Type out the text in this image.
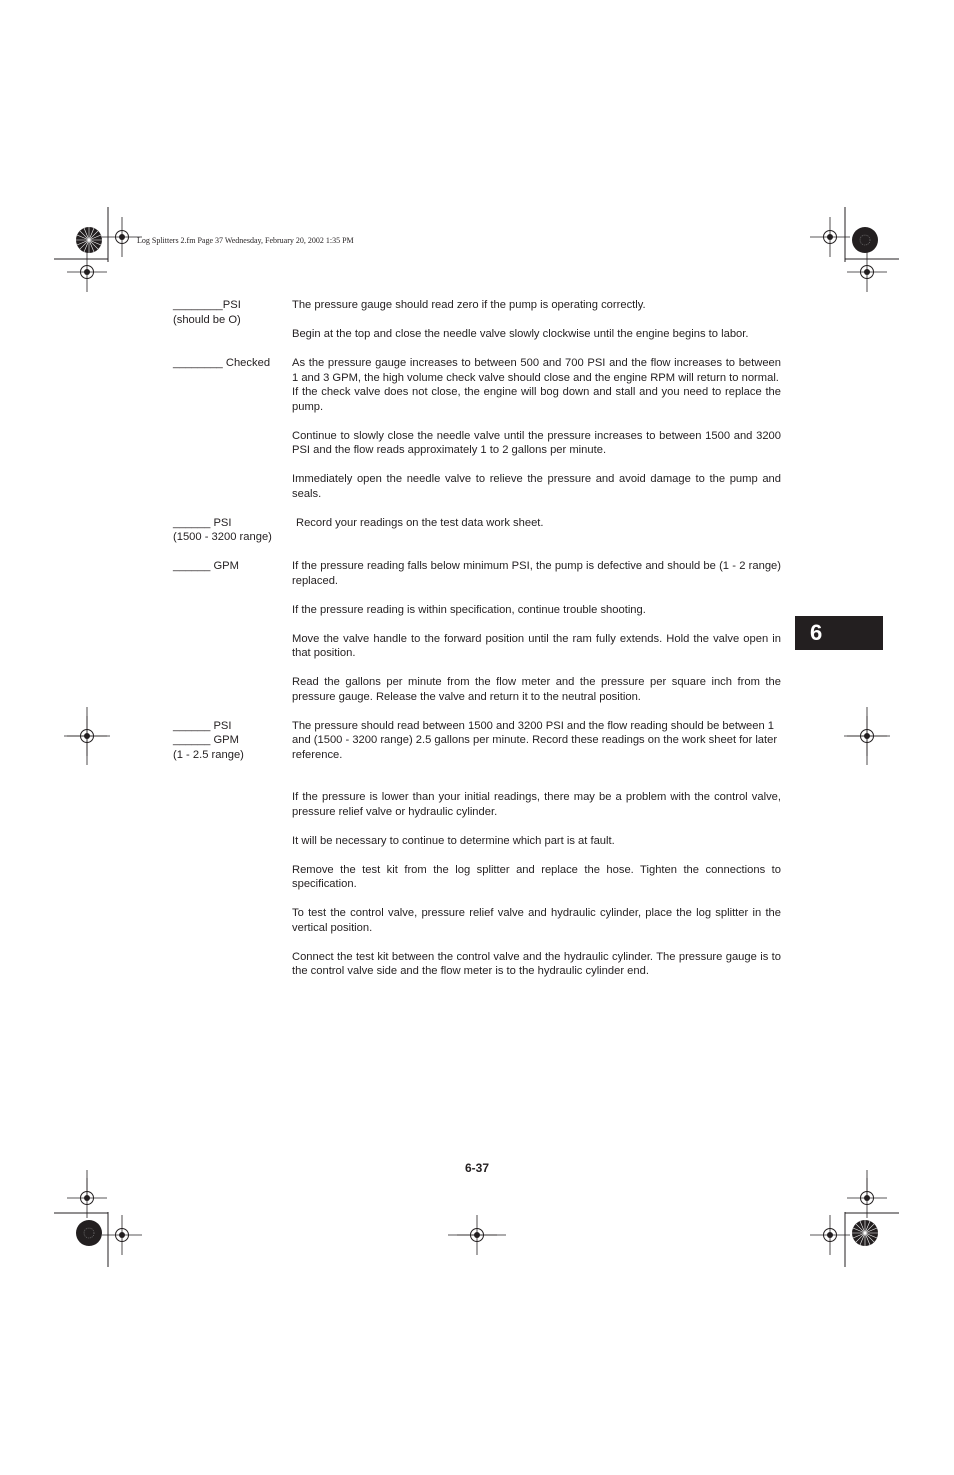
Log Splitters 2.fm Page 37 Wednesday, February 20, 2002 1:35 PM
________PSI
(should be O)
The pressure gauge should read zero if the pump is operating correctly.
Begin at the top and close the needle valve slowly clockwise until the engine begins to labor.
________ Checked	As the pressure gauge increases to between 500 and 700 PSI and the flow increases to between 1 and 3 GPM, the high volume check valve should close and the engine RPM will return to normal.
If the check valve does not close, the engine will bog down and stall and you need to replace the pump.
Continue to slowly close the needle valve until the pressure increases to between 1500 and 3200 PSI and the flow reads approximately 1 to 2 gallons per minute.
Immediately open the needle valve to relieve the pressure and avoid damage to the pump and seals.
______ PSI
(1500 - 3200 range)
Record your readings on the test data work sheet.
______ GPM	If the pressure reading falls below minimum PSI, the pump is defective and should be (1 - 2 range) replaced.
If the pressure reading is within specification, continue trouble shooting.
Move the valve handle to the forward position until the ram fully extends. Hold the valve open in that position.
Read the gallons per minute from the flow meter and the pressure per square inch from the pressure gauge. Release the valve and return it to the neutral position.
______ PSI
______ GPM
(1 - 2.5 range)
The pressure should read between 1500 and 3200 PSI and the flow reading should be between 1 and (1500 - 3200 range) 2.5 gallons per minute. Record these readings on the work sheet for later reference.
If the pressure is lower than your initial readings, there may be a problem with the control valve, pressure relief valve or hydraulic cylinder.
It will be necessary to continue to determine which part is at fault.
Remove the test kit from the log splitter and replace the hose. Tighten the connections to specification.
To test the control valve, pressure relief valve and hydraulic cylinder, place the log splitter in the vertical position.
Connect the test kit between the control valve and the hydraulic cylinder. The pressure gauge is to the control valve side and the flow meter is to the hydraulic cylinder end.
6
6-37
